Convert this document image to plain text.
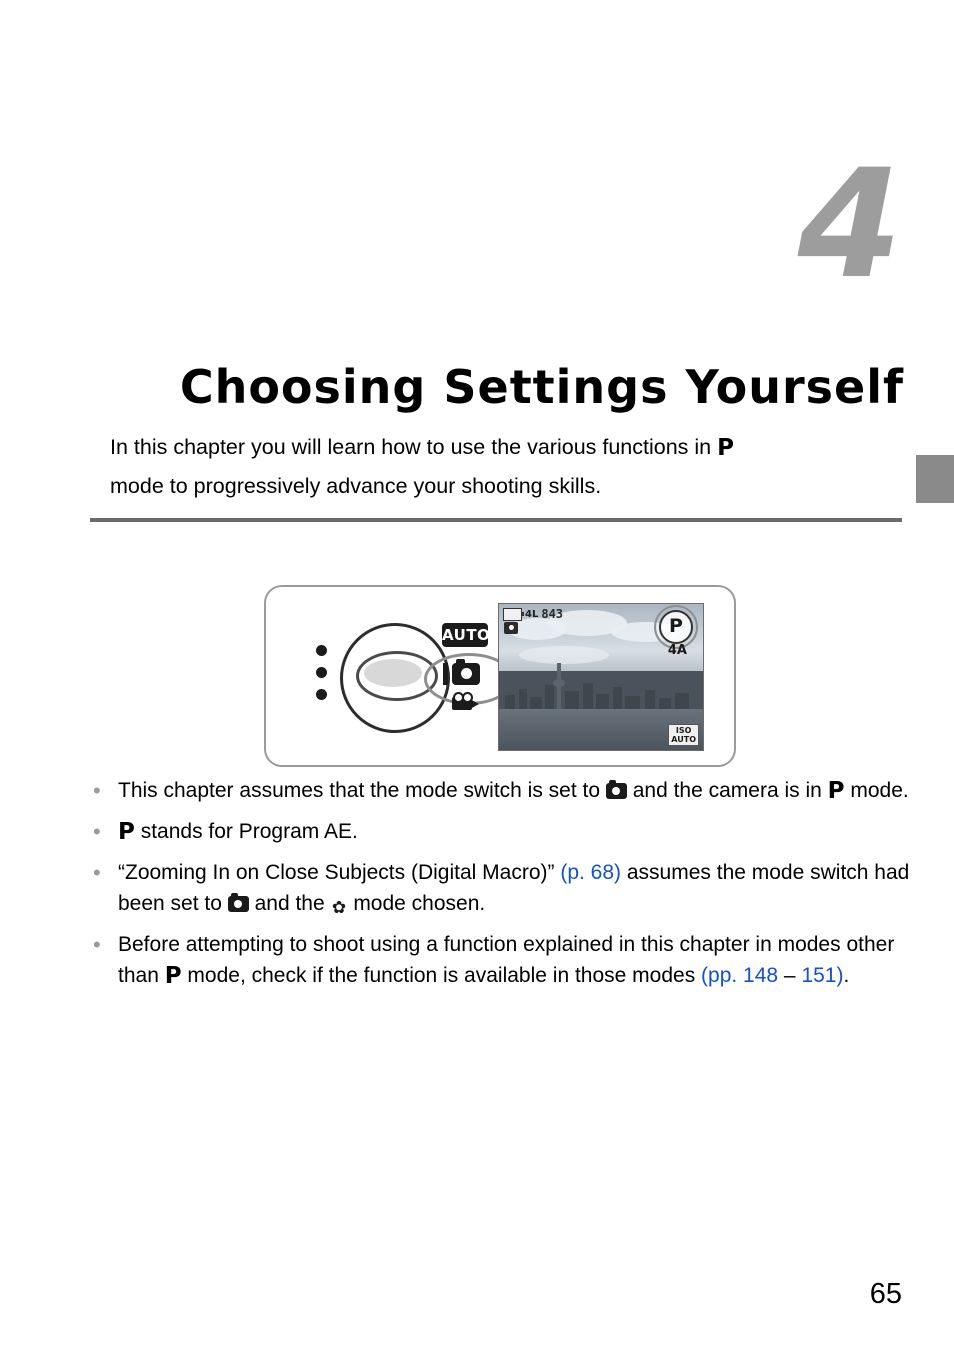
4
Choosing Settings Yourself
In this chapter you will learn how to use the various functions in P
mode to progressively advance your shooting skills.
AUTO
4L 843
P
4A
ISO
AUTO
• This chapter assumes that the mode switch is set to  and the camera is in P mode.
• P stands for Program AE.
• “Zooming In on Close Subjects (Digital Macro)” (p. 68) assumes the mode switch had been set to  and the ✿ mode chosen.
• Before attempting to shoot using a function explained in this chapter in modes other than P mode, check if the function is available in those modes (pp. 148 – 151).
65
